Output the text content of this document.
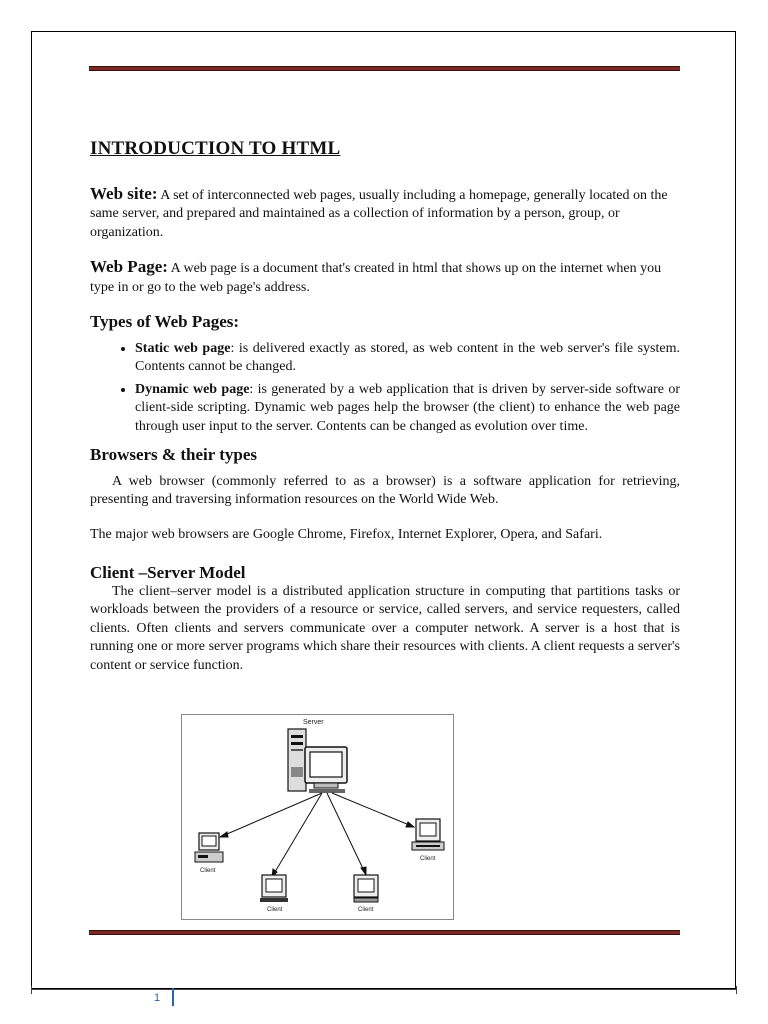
INTRODUCTION TO HTML

Web site: A set of interconnected web pages, usually including a homepage, generally located on the same server, and prepared and maintained as a collection of information by a person, group, or organization.

Web Page: A web page is a document that's created in html that shows up on the internet when you type in or go to the web page's address.

Types of Web Pages:
• Static web page: is delivered exactly as stored, as web content in the web server's file system. Contents cannot be changed.
• Dynamic web page: is generated by a web application that is driven by server-side software or client-side scripting. Dynamic web pages help the browser (the client) to enhance the web page through user input to the server. Contents can be changed as evolution over time.
Browsers & their types

A web browser (commonly referred to as a browser) is a software application for retrieving, presenting and traversing information resources on the World Wide Web.

The major web browsers are Google Chrome, Firefox, Internet Explorer, Opera, and Safari.

Client –Server Model

The client–server model is a distributed application structure in computing that partitions tasks or workloads between the providers of a resource or service, called servers, and service requesters, called clients. Often clients and servers communicate over a computer network. A server is a host that is running one or more server programs which share their resources with clients. A client requests a server's content or service function.

Server
Client
Client	Client
Client
1
